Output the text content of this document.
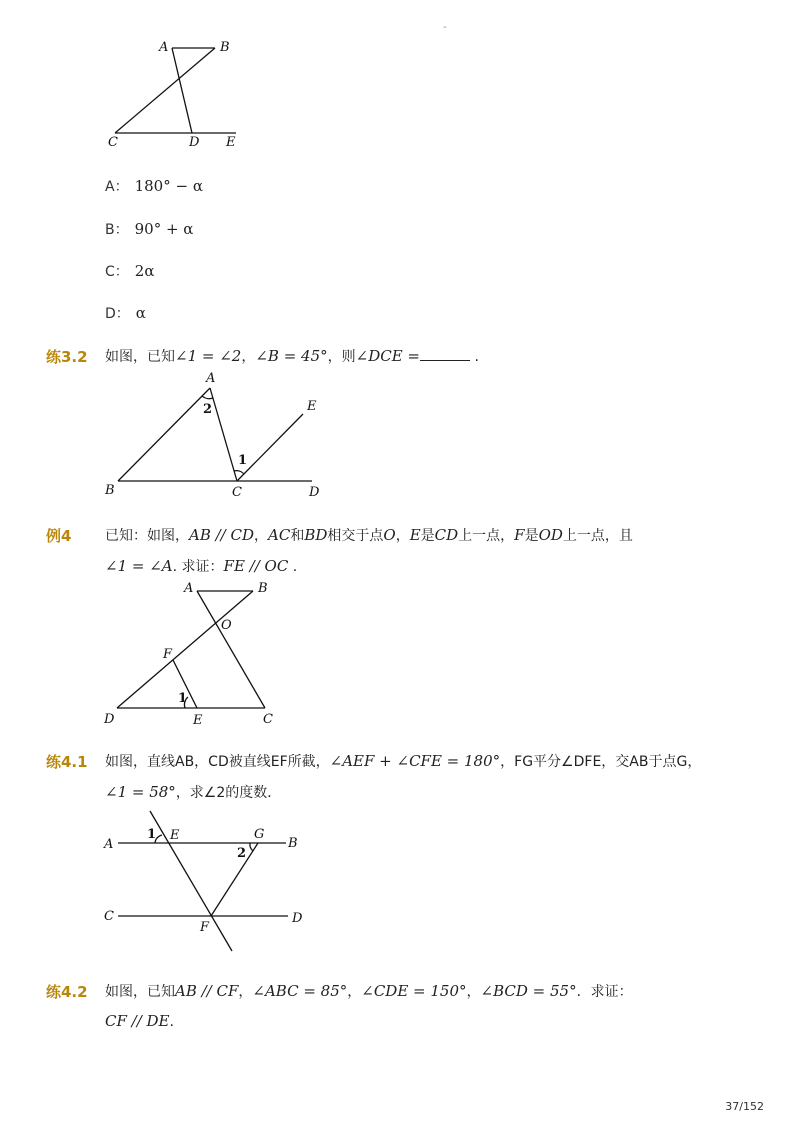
-
A	B
C	D E
A： 180° − α
B： 90° + α
C： 2α
D： α
练3.2 如图，已知∠1 = ∠2，∠B = 45°，则∠DCE =	.
A
B	C	D
E
1
2
例4 已知：如图，AB // CD，AC和BD相交于点O，E是CD上一点，F是OD上一点，且
∠1 = ∠A. 求证：FE // OC .
A	B
O
F
D	E	C
1
练4.1 如图，直线AB，CD被直线EF所截，∠AEF + ∠CFE = 180°，FG平分∠DFE，交AB于点G，
∠1 = 58°，求∠2的度数．
A	B
C	D
E
F
G
1
2
练4.2 如图，已知AB // CF，∠ABC = 85°，∠CDE = 150°，∠BCD = 55°．求证：
CF // DE.
37/152
